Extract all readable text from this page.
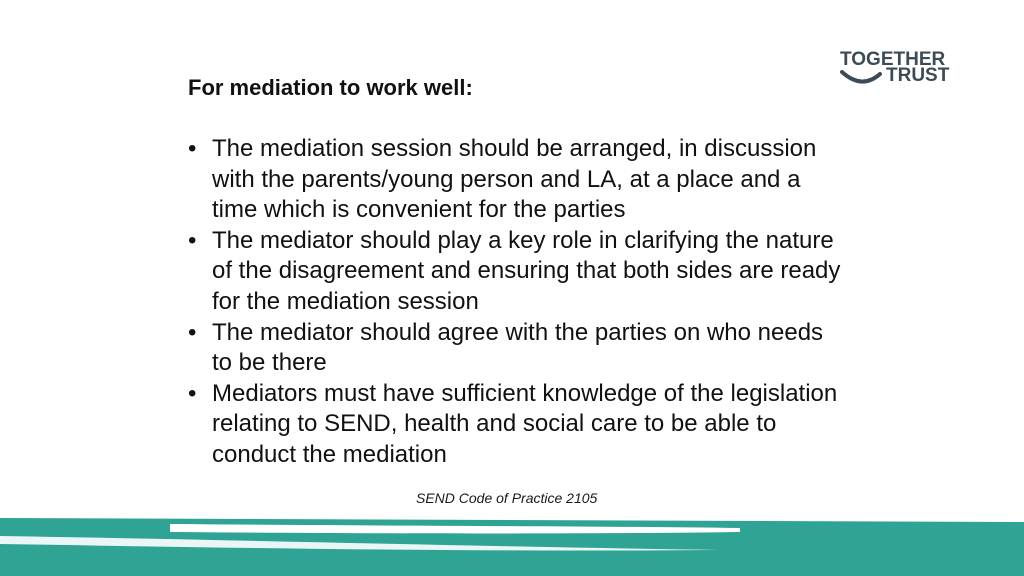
TOGETHER
TRUST
For mediation to work well:
• The mediation session should be arranged, in discussion with the parents/young person and LA, at a place and a time which is convenient for the parties
• The mediator should play a key role in clarifying the nature of the disagreement and ensuring that both sides are ready for the mediation session
• The mediator should agree with the parties on who needs to be there
• Mediators must have sufficient knowledge of the legislation relating to SEND, health and social care to be able to conduct the mediation
SEND Code of Practice 2105
